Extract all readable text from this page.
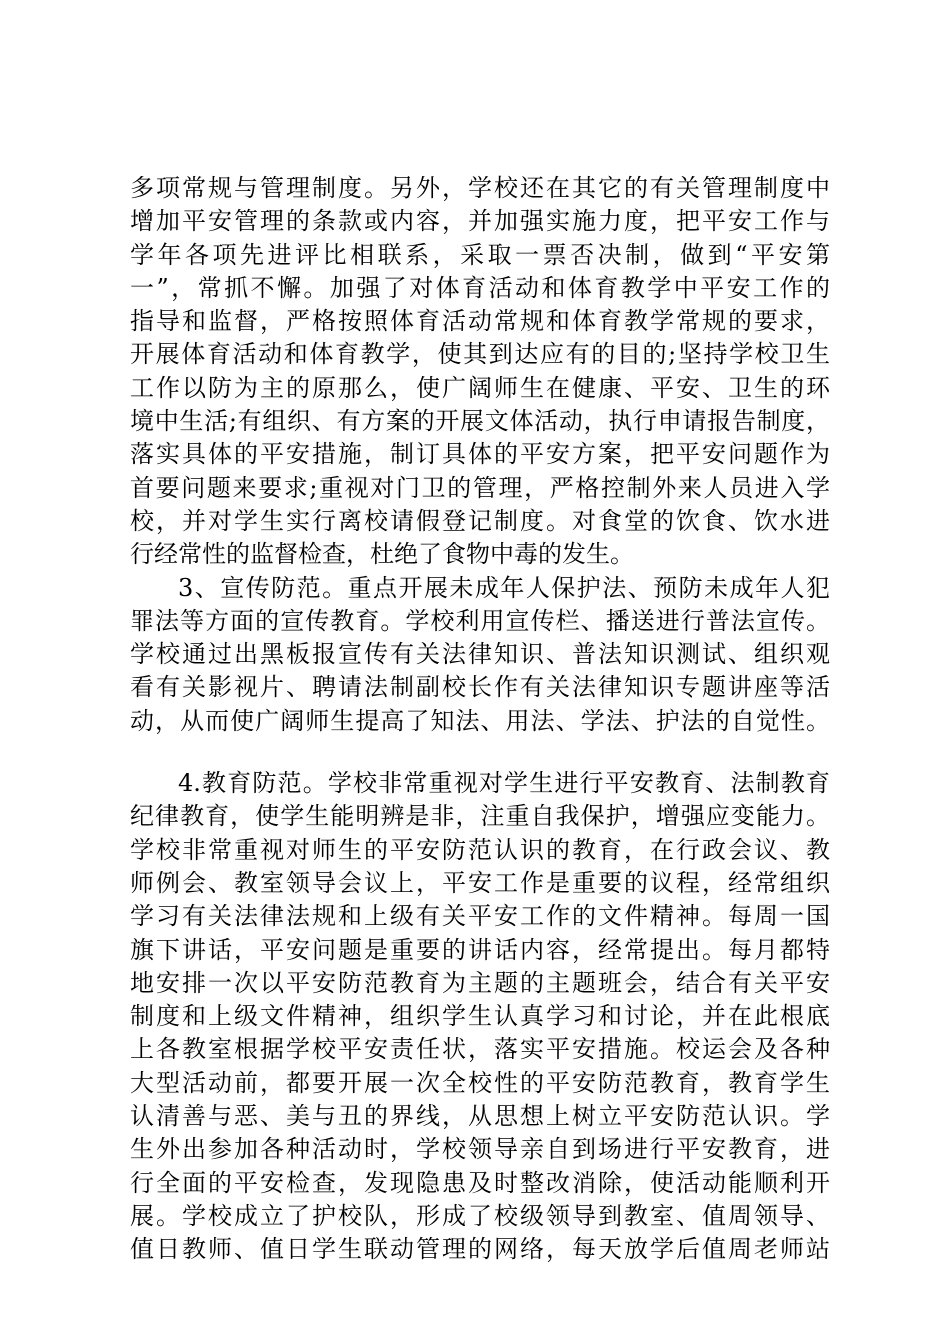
多项常规与管理制度。另外，学校还在其它的有关管理制度中
增加平安管理的条款或内容，并加强实施力度，把平安工作与
学年各项先进评比相联系，采取一票否决制，做到“平安第
一”，常抓不懈。加强了对体育活动和体育教学中平安工作的
指导和监督，严格按照体育活动常规和体育教学常规的要求，
开展体育活动和体育教学，使其到达应有的目的;坚持学校卫生
工作以防为主的原那么，使广阔师生在健康、平安、卫生的环
境中生活;有组织、有方案的开展文体活动，执行申请报告制度，
落实具体的平安措施，制订具体的平安方案，把平安问题作为
首要问题来要求;重视对门卫的管理，严格控制外来人员进入学
校，并对学生实行离校请假登记制度。对食堂的饮食、饮水进
行经常性的监督检查，杜绝了食物中毒的发生。
3、宣传防范。重点开展未成年人保护法、预防未成年人犯
罪法等方面的宣传教育。学校利用宣传栏、播送进行普法宣传。
学校通过出黑板报宣传有关法律知识、普法知识测试、组织观
看有关影视片、聘请法制副校长作有关法律知识专题讲座等活
动，从而使广阔师生提高了知法、用法、学法、护法的自觉性。
4.教育防范。学校非常重视对学生进行平安教育、法制教育
纪律教育，使学生能明辨是非，注重自我保护，增强应变能力。
学校非常重视对师生的平安防范认识的教育，在行政会议、教
师例会、教室领导会议上，平安工作是重要的议程，经常组织
学习有关法律法规和上级有关平安工作的文件精神。每周一国
旗下讲话，平安问题是重要的讲话内容，经常提出。每月都特
地安排一次以平安防范教育为主题的主题班会，结合有关平安
制度和上级文件精神，组织学生认真学习和讨论，并在此根底
上各教室根据学校平安责任状，落实平安措施。校运会及各种
大型活动前，都要开展一次全校性的平安防范教育，教育学生
认清善与恶、美与丑的界线，从思想上树立平安防范认识。学
生外出参加各种活动时，学校领导亲自到场进行平安教育，进
行全面的平安检查，发现隐患及时整改消除，使活动能顺利开
展。学校成立了护校队，形成了校级领导到教室、值周领导、
值日教师、值日学生联动管理的网络，每天放学后值周老师站
